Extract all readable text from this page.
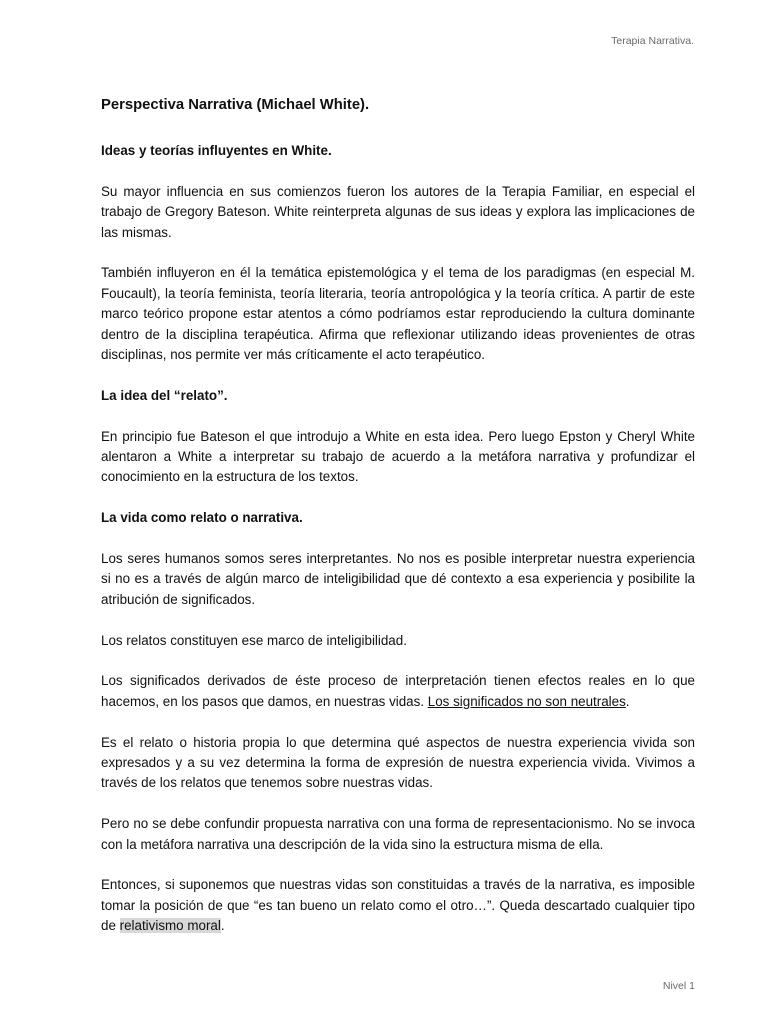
Terapia Narrativa.
Perspectiva Narrativa (Michael White).
Ideas y teorías influyentes en White.

Su mayor influencia en sus comienzos fueron los autores de la Terapia Familiar, en especial el trabajo de Gregory Bateson. White reinterpreta algunas de sus ideas y explora las implicaciones de las mismas.

También influyeron en él la temática epistemológica y el tema de los paradigmas (en especial M. Foucault), la teoría feminista, teoría literaria, teoría antropológica y la teoría crítica. A partir de este marco teórico propone estar atentos a cómo podríamos estar reproduciendo la cultura dominante dentro de la disciplina terapéutica. Afirma que reflexionar utilizando ideas provenientes de otras disciplinas, nos permite ver más críticamente el acto terapéutico.

La idea del “relato”.

En principio fue Bateson el que introdujo a White en esta idea. Pero luego Epston y Cheryl White alentaron a White a interpretar su trabajo de acuerdo a la metáfora narrativa y profundizar el conocimiento en la estructura de los textos.

La vida como relato o narrativa.

Los seres humanos somos seres interpretantes. No nos es posible interpretar nuestra experiencia si no es a través de algún marco de inteligibilidad que dé contexto a esa experiencia y posibilite la atribución de significados.

Los relatos constituyen ese marco de inteligibilidad.

Los significados derivados de éste proceso de interpretación tienen efectos reales en lo que hacemos, en los pasos que damos, en nuestras vidas. Los significados no son neutrales.

Es el relato o historia propia lo que determina qué aspectos de nuestra experiencia vivida son expresados y a su vez determina la forma de expresión de nuestra experiencia vivida. Vivimos a través de los relatos que tenemos sobre nuestras vidas.

Pero no se debe confundir propuesta narrativa con una forma de representacionismo. No se invoca con la metáfora narrativa una descripción de la vida sino la estructura misma de ella.

Entonces, si suponemos que nuestras vidas son constituidas a través de la narrativa, es imposible tomar la posición de que “es tan bueno un relato como el otro…”. Queda descartado cualquier tipo de relativismo moral.

Nivel 1
